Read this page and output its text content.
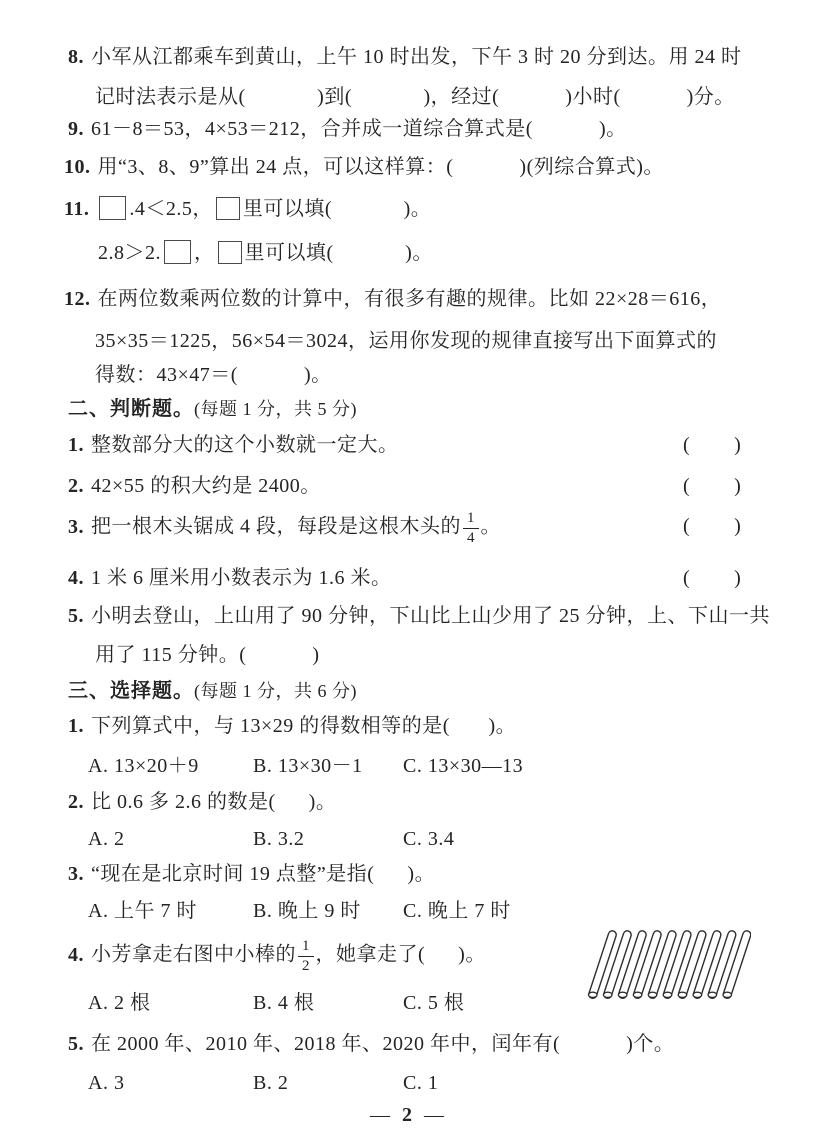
8. 小军从江都乘车到黄山，上午 10 时出发，下午 3 时 20 分到达。用 24 时
记时法表示是从(             )到(             )，经过(            )小时(            )分。
9. 61－8＝53，4×53＝212，合并成一道综合算式是(            )。
10. 用“3、8、9”算出 24 点，可以这样算：(            )(列综合算式)。
11. .4＜2.5， 里可以填(             )。
2.8＞2. ， 里可以填(             )。
12. 在两位数乘两位数的计算中，有很多有趣的规律。比如 22×28＝616，
35×35＝1225，56×54＝3024，运用你发现的规律直接写出下面算式的
得数：43×47＝(            )。
二、判断题。(每题 1 分，共 5 分)
1. 整数部分大的这个小数就一定大。	(        )
2. 42×55 的积大约是 2400。	(        )
3. 把一根木头锯成 4 段，每段是这根木头的 $\frac{1}{4}$ 。	(        )
4. 1 米 6 厘米用小数表示为 1.6 米。	(        )
5. 小明去登山，上山用了 90 分钟，下山比上山少用了 25 分钟，上、下山一共
用了 115 分钟。(            )
三、选择题。(每题 1 分，共 6 分)
1. 下列算式中，与 13×29 的得数相等的是(       )。

A. 13×20＋9

	B. 13×30－1

C. 13×30—13

2. 比 0.6 多 2.6 的数是(      )。

A. 2

	B. 3.2

	C. 3.4

3. “现在是北京时间 19 点整”是指(      )。

A. 上午 7 时

	B. 晚上 9 时

C. 晚上 7 时

4. 小芳拿走右图中小棒的 $\frac{1}{2}$ ，她拿走了(      )。

A. 2 根

	B. 4 根

	C. 5 根

5. 在 2000 年、2010 年、2018 年、2020 年中，闰年有(            )个。

A. 3

	B. 2

	C. 1

— 2 —
